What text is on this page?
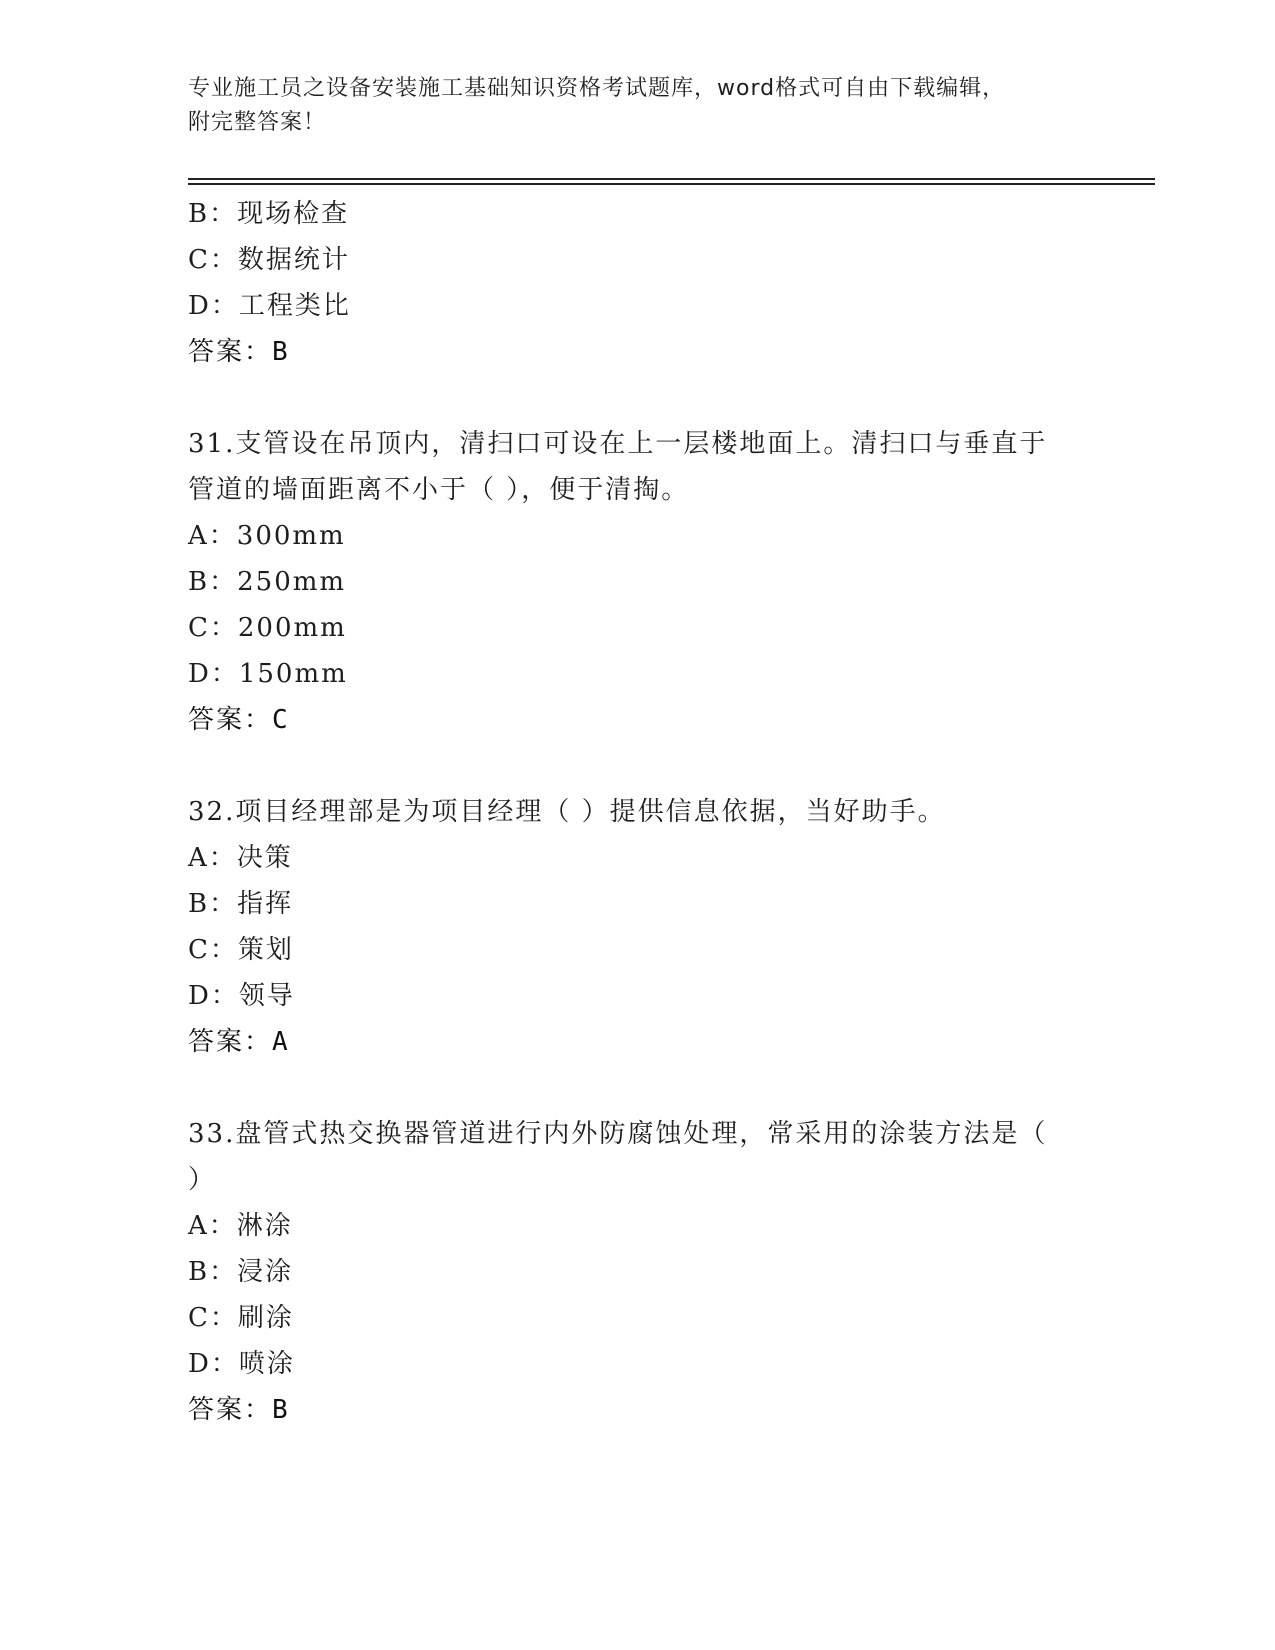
专业施工员之设备安装施工基础知识资格考试题库，word格式可自由下载编辑，
附完整答案！
B：现场检查
C：数据统计
D：工程类比
答案：B
31.支管设在吊顶内，清扫口可设在上一层楼地面上。清扫口与垂直于
管道的墙面距离不小于（ ），便于清掏。
A：300mm
B：250mm
C：200mm
D：150mm
答案：C
32.项目经理部是为项目经理（ ）提供信息依据，当好助手。
A：决策
B：指挥
C：策划
D：领导
答案：A
33.盘管式热交换器管道进行内外防腐蚀处理，常采用的涂装方法是（
）
A：淋涂
B：浸涂
C：刷涂
D：喷涂
答案：B
